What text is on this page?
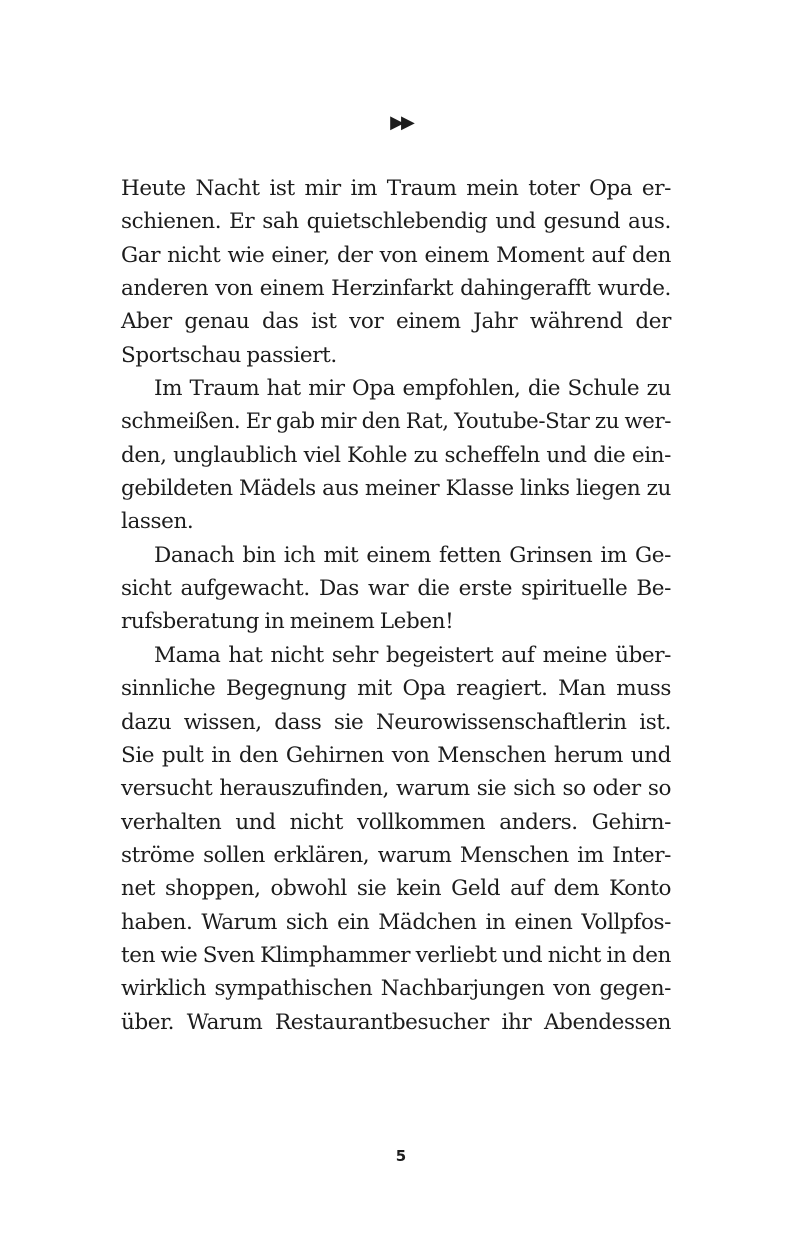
▶▶
Heute Nacht ist mir im Traum mein toter Opa er-
schienen. Er sah quietschlebendig und gesund aus.
Gar nicht wie einer, der von einem Moment auf den
anderen von einem Herzinfarkt dahingerafft wurde.
Aber genau das ist vor einem Jahr während der
Sportschau passiert.
Im Traum hat mir Opa empfohlen, die Schule zu
schmeißen. Er gab mir den Rat, Youtube-Star zu wer-
den, unglaublich viel Kohle zu scheffeln und die ein-
gebildeten Mädels aus meiner Klasse links liegen zu
lassen.
Danach bin ich mit einem fetten Grinsen im Ge-
sicht aufgewacht. Das war die erste spirituelle Be-
rufsberatung in meinem Leben!
Mama hat nicht sehr begeistert auf meine über-
sinnliche Begegnung mit Opa reagiert. Man muss
dazu wissen, dass sie Neurowissenschaftlerin ist.
Sie pult in den Gehirnen von Menschen herum und
versucht herauszufinden, warum sie sich so oder so
verhalten und nicht vollkommen anders. Gehirn-
ströme sollen erklären, warum Menschen im Inter-
net shoppen, obwohl sie kein Geld auf dem Konto
haben. Warum sich ein Mädchen in einen Vollpfos-
ten wie Sven Klimphammer verliebt und nicht in den
wirklich sympathischen Nachbarjungen von gegen-
über. Warum Restaurantbesucher ihr Abendessen
5
